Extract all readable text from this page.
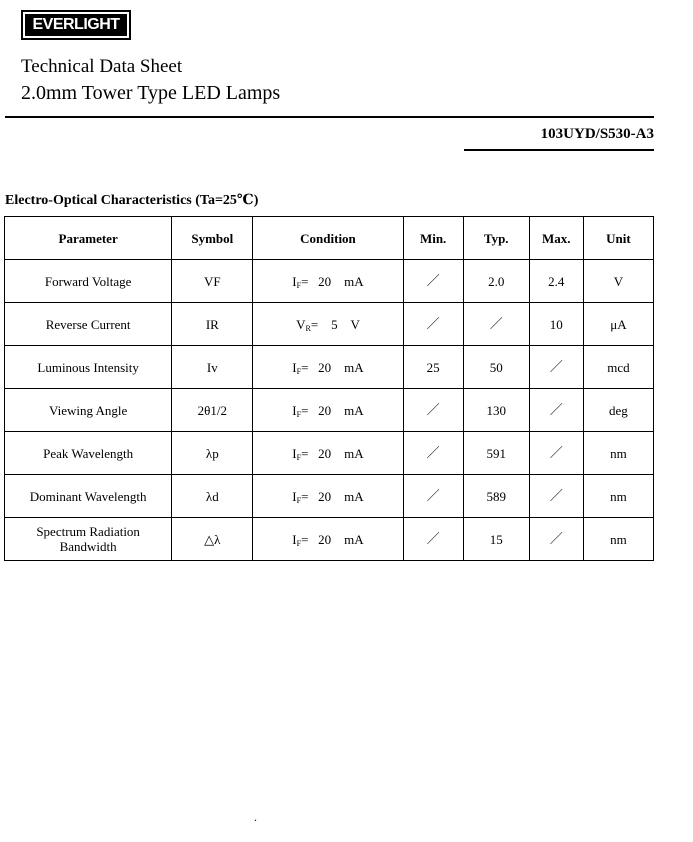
EVERLIGHT
Technical Data Sheet
2.0mm Tower Type LED Lamps
103UYD/S530-A3
Electro-Optical Characteristics (Ta=25℃)
Parameter	Symbol	Condition	Min.	Typ.	Max.	Unit
Forward Voltage	VF	$I_F= 20$    mA	／	2.0	2.4	V
Reverse Current	IR	$V_R=$    5    V	／	／	10	μA
Luminous Intensity	Iv	$I_F= 20$    mA	25	50	／	mcd
Viewing Angle	2θ1/2	$I_F= 20$    mA	／	130	／	deg
Peak Wavelength	λp	$I_F= 20$    mA	／	591	／	nm
Dominant Wavelength	λd	$I_F= 20$    mA	／	589	／	nm
Spectrum Radiation Bandwidth	△λ	$I_F= 20$    mA	／	15	／	nm
.
